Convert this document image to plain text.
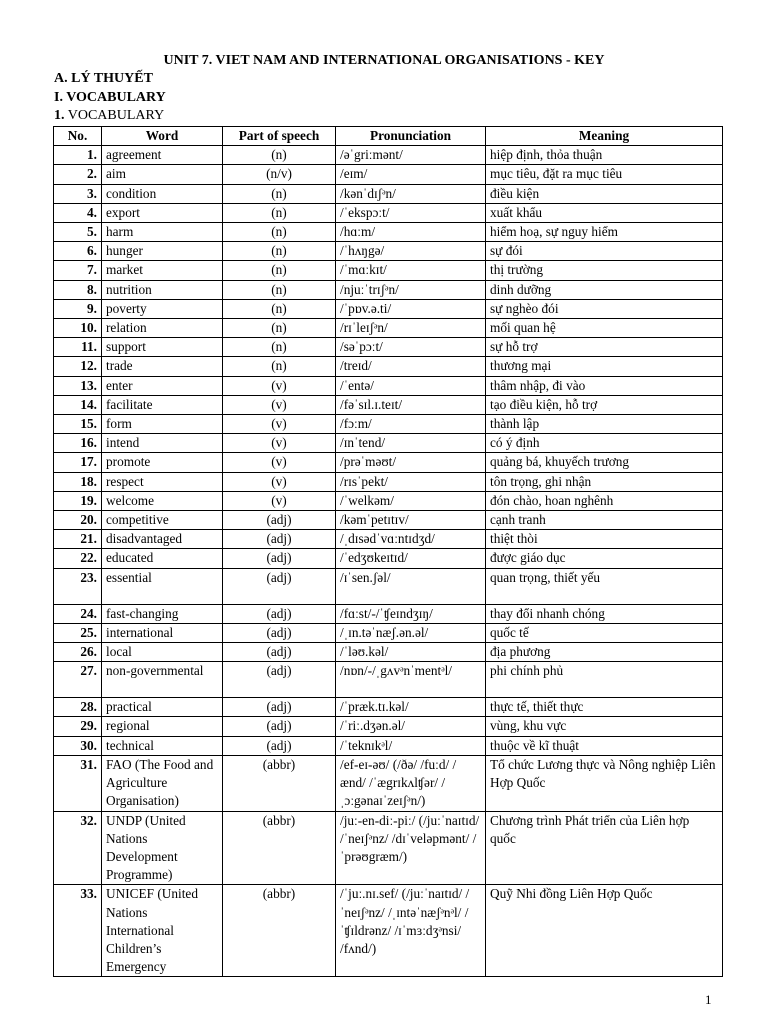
UNIT 7. VIET NAM AND INTERNATIONAL ORGANISATIONS - KEY
A. LÝ THUYẾT
I. VOCABULARY
1. VOCABULARY
No.	Word	Part of speech	Pronunciation	Meaning
1.	agreement	(n)	/əˈgriːmənt/	hiệp định, thỏa thuận
2.	aim	(n/v)	/eɪm/	mục tiêu, đặt ra mục tiêu
3.	condition	(n)	/kənˈdɪʃᵊn/	điều kiện
4.	export	(n)	/ˈekspɔːt/	xuất khẩu
5.	harm	(n)	/hɑːm/	hiểm hoạ, sự nguy hiểm
6.	hunger	(n)	/ˈhʌŋgə/	sự đói
7.	market	(n)	/ˈmɑːkɪt/	thị trường
8.	nutrition	(n)	/njuːˈtrɪʃᵊn/	dinh dưỡng
9.	poverty	(n)	/ˈpɒv.ə.ti/	sự nghèo đói
10.	relation	(n)	/rɪˈleɪʃᵊn/	mối quan hệ
11.	support	(n)	/səˈpɔːt/	sự hỗ trợ
12.	trade	(n)	/treɪd/	thương mại
13.	enter	(v)	/ˈentə/	thâm nhập, đi vào
14.	facilitate	(v)	/fəˈsɪl.ɪ.teɪt/	tạo điều kiện, hỗ trợ
15.	form	(v)	/fɔːm/	thành lập
16.	intend	(v)	/ɪnˈtend/	có ý định
17.	promote	(v)	/prəˈməʊt/	quảng bá, khuyếch trương
18.	respect	(v)	/rɪsˈpekt/	tôn trọng, ghi nhận
19.	welcome	(v)	/ˈwelkəm/	đón chào, hoan nghênh
20.	competitive	(adj)	/kəmˈpetɪtɪv/	cạnh tranh
21.	disadvantaged	(adj)	/ˌdɪsədˈvɑːntɪdʒd/	thiệt thòi
22.	educated	(adj)	/ˈedʒʊkeɪtɪd/	được giáo dục
23.	essential	(adj)	/ɪˈsen.ʃəl/	quan trọng, thiết yếu
24.	fast-changing	(adj)	/fɑːst/-/ˈʧeɪndʒɪŋ/	thay đổi nhanh chóng
25.	international	(adj)	/ˌɪn.təˈnæʃ.ən.əl/	quốc tế
26.	local	(adj)	/ˈləʊ.kəl/	địa phương
27.	non-governmental	(adj)	/nɒn/-/ˌgʌvᵊnˈmentᵊl/	phi chính phủ
28.	practical	(adj)	/ˈpræk.tɪ.kəl/	thực tế, thiết thực
29.	regional	(adj)	/ˈriː.dʒən.əl/	vùng, khu vực
30.	technical	(adj)	/ˈteknɪkᵊl/	thuộc về kĩ thuật
31.	FAO (The Food and Agriculture Organisation)	(abbr)	/ef-eɪ-əʊ/ (/ðə/ /fuːd/ /ænd/ /ˈægrɪkʌlʧər/ /ˌɔːgənaɪˈzeɪʃᵊn/)	Tổ chức Lương thực và Nông nghiệp Liên Hợp Quốc
32.	UNDP (United Nations Development Programme)	(abbr)	/juː-en-diː-piː/ (/juːˈnaɪtɪd/ /ˈneɪʃᵊnz/ /dɪˈveləpmənt/ /ˈprəʊgræm/)	Chương trình Phát triển của Liên hợp quốc
33.	UNICEF (United Nations International Children’s Emergency	(abbr)	/ˈjuː.nɪ.sef/ (/juːˈnaɪtɪd/ /ˈneɪʃᵊnz/ /ˌɪntəˈnæʃᵊnᵊl/ /ˈʧɪldrənz/ /ɪˈmɜːdʒᵊnsi/ /fʌnd/)	Quỹ Nhi đồng Liên Hợp Quốc
1
